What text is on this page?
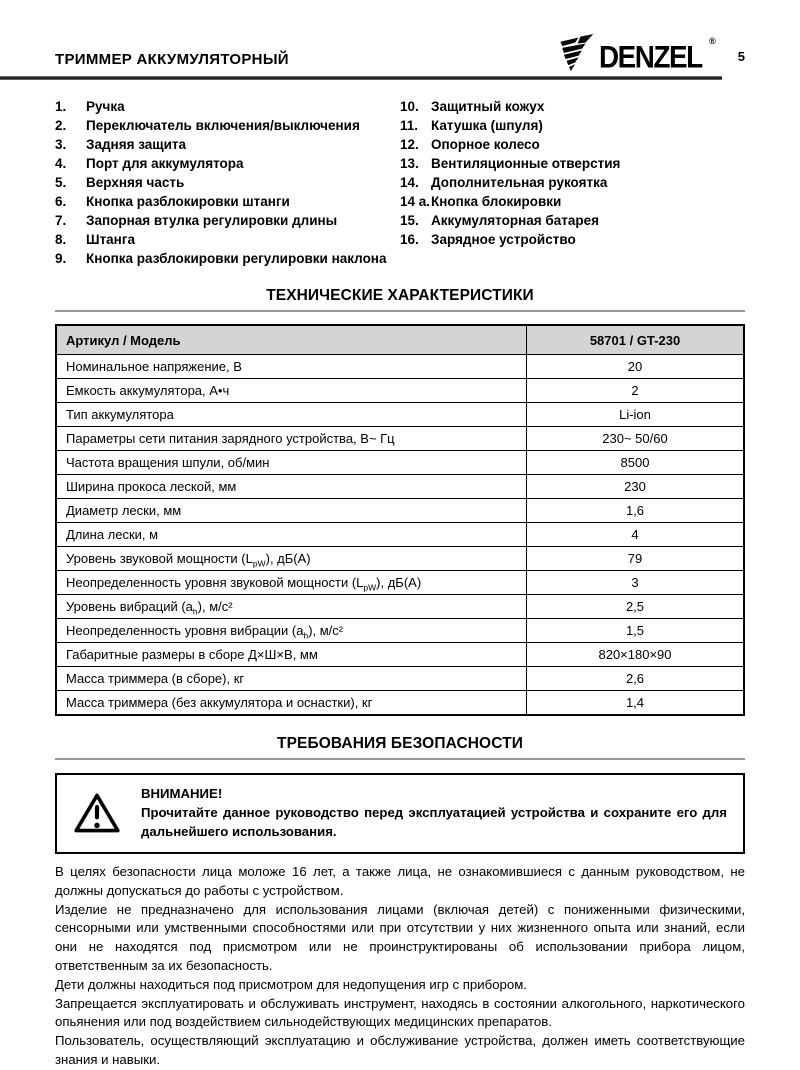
ТРИММЕР АККУМУЛЯТОРНЫЙ	DENZEL
®
5
1.	Ручка
2.	Переключатель включения/выключения
3.	Задняя защита
4.	Порт для аккумулятора
5.	Верхняя часть
6.	Кнопка разблокировки штанги
7.	Запорная втулка регулировки длины
8.	Штанга
9.	Кнопка разблокировки регулировки наклона
10. Защитный кожух
11. Катушка (шпуля)
12. Опорное колесо
13. Вентиляционные отверстия
14. Дополнительная рукоятка
14 а. Кнопка блокировки
15. Аккумуляторная батарея
16. Зарядное устройство
ТЕХНИЧЕСКИЕ ХАРАКТЕРИСТИКИ
Артикул / Модель	58701 / GT-230
Номинальное напряжение, В	20
Емкость аккумулятора, А•ч	2
Тип аккумулятора	Li-ion
Параметры сети питания зарядного устройства, В~ Гц	230~ 50/60
Частота вращения шпули, об/мин	8500
Ширина прокоса леской, мм	230
Диаметр лески, мм	1,6
Длина лески, м	4
Уровень звуковой мощности $(L_{pW})$, дБ(А)	79
Неопределенность уровня звуковой мощности $(L_{pW})$, дБ(А)	3
Уровень вибраций $(a_h)$, м/с²	2,5
Неопределенность уровня вибрации $(a_h)$, м/с²	1,5
Габаритные размеры в сборе Д×Ш×В, мм	820×180×90
Масса триммера (в сборе), кг	2,6
Масса триммера (без аккумулятора и оснастки), кг	1,4
ТРЕБОВАНИЯ БЕЗОПАСНОСТИ
ВНИМАНИЕ!
Прочитайте данное руководство перед эксплуатацией устройства и сохраните его для дальнейшего использования.

В целях безопасности лица моложе 16 лет, а также лица, не ознакомившиеся с данным руководством, не должны допускаться до работы с устройством.

Изделие не предназначено для использования лицами (включая детей) с пониженными физическими, сенсорными или умственными способностями или при отсутствии у них жизненного опыта или знаний, если они не находятся под присмотром или не проинструктированы об использовании прибора лицом, ответственным за их безопасность.

Дети должны находиться под присмотром для недопущения игр с прибором.

Запрещается эксплуатировать и обслуживать инструмент, находясь в состоянии алкогольного, наркотического опьянения или под воздействием сильнодействующих медицинских препаратов.

Пользователь, осуществляющий эксплуатацию и обслуживание устройства, должен иметь соответствующие знания и навыки.
